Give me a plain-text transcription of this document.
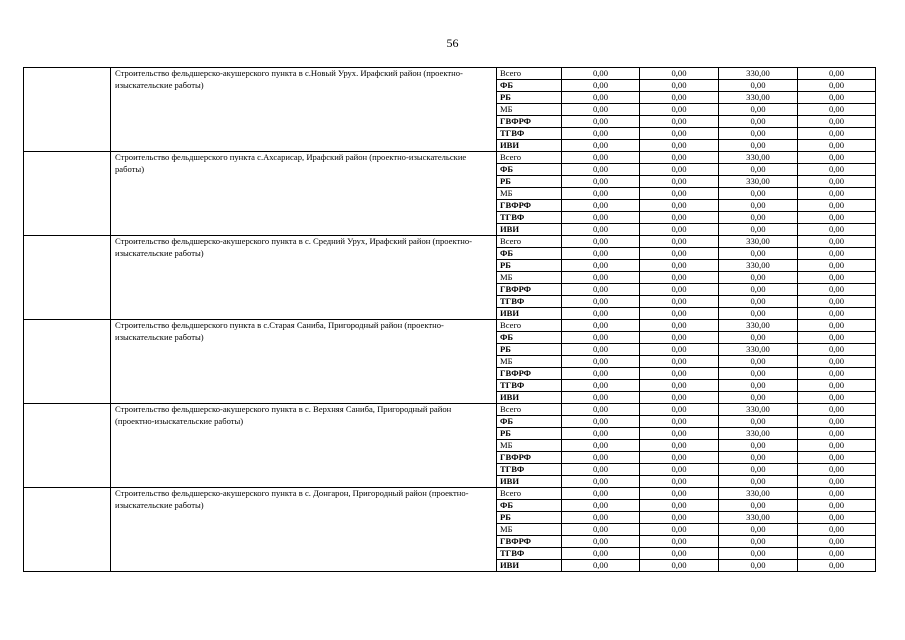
56
	Строительство фельдшерско-акушерского пункта в с.Новый Урух. Ирафский район (проектно-изыскательские работы)	Всего	0,00	0,00	330,00	0,00
		ФБ	0,00	0,00	0,00	0,00
		РБ	0,00	0,00	330,00	0,00
		МБ	0,00	0,00	0,00	0,00
		ГВФРФ	0,00	0,00	0,00	0,00
		ТГВФ	0,00	0,00	0,00	0,00
		ИВИ	0,00	0,00	0,00	0,00
	Строительство фельдшерского пункта с.Ахсарисар, Ирафский район (проектно-изыскательские работы)	Всего	0,00	0,00	330,00	0,00
		ФБ	0,00	0,00	0,00	0,00
		РБ	0,00	0,00	330,00	0,00
		МБ	0,00	0,00	0,00	0,00
		ГВФРФ	0,00	0,00	0,00	0,00
		ТГВФ	0,00	0,00	0,00	0,00
		ИВИ	0,00	0,00	0,00	0,00
	Строительство фельдшерско-акушерского пункта в с. Средний Урух, Ирафский район (проектно-изыскательские работы)	Всего	0,00	0,00	330,00	0,00
		ФБ	0,00	0,00	0,00	0,00
		РБ	0,00	0,00	330,00	0,00
		МБ	0,00	0,00	0,00	0,00
		ГВФРФ	0,00	0,00	0,00	0,00
		ТГВФ	0,00	0,00	0,00	0,00
		ИВИ	0,00	0,00	0,00	0,00
	Строительство фельдшерского пункта в с.Старая Саниба, Пригородный район (проектно-изыскательские работы)	Всего	0,00	0,00	330,00	0,00
		ФБ	0,00	0,00	0,00	0,00
		РБ	0,00	0,00	330,00	0,00
		МБ	0,00	0,00	0,00	0,00
		ГВФРФ	0,00	0,00	0,00	0,00
		ТГВФ	0,00	0,00	0,00	0,00
		ИВИ	0,00	0,00	0,00	0,00
	Строительство фельдшерско-акушерского пункта в с. Верхняя Саниба, Пригородный район (проектно-изыскательские работы)	Всего	0,00	0,00	330,00	0,00
		ФБ	0,00	0,00	0,00	0,00
		РБ	0,00	0,00	330,00	0,00
		МБ	0,00	0,00	0,00	0,00
		ГВФРФ	0,00	0,00	0,00	0,00
		ТГВФ	0,00	0,00	0,00	0,00
		ИВИ	0,00	0,00	0,00	0,00
	Строительство фельдшерско-акушерского пункта в с. Донгарон, Пригородный район (проектно-изыскательские работы)	Всего	0,00	0,00	330,00	0,00
		ФБ	0,00	0,00	0,00	0,00
		РБ	0,00	0,00	330,00	0,00
		МБ	0,00	0,00	0,00	0,00
		ГВФРФ	0,00	0,00	0,00	0,00
		ТГВФ	0,00	0,00	0,00	0,00
		ИВИ	0,00	0,00	0,00	0,00
